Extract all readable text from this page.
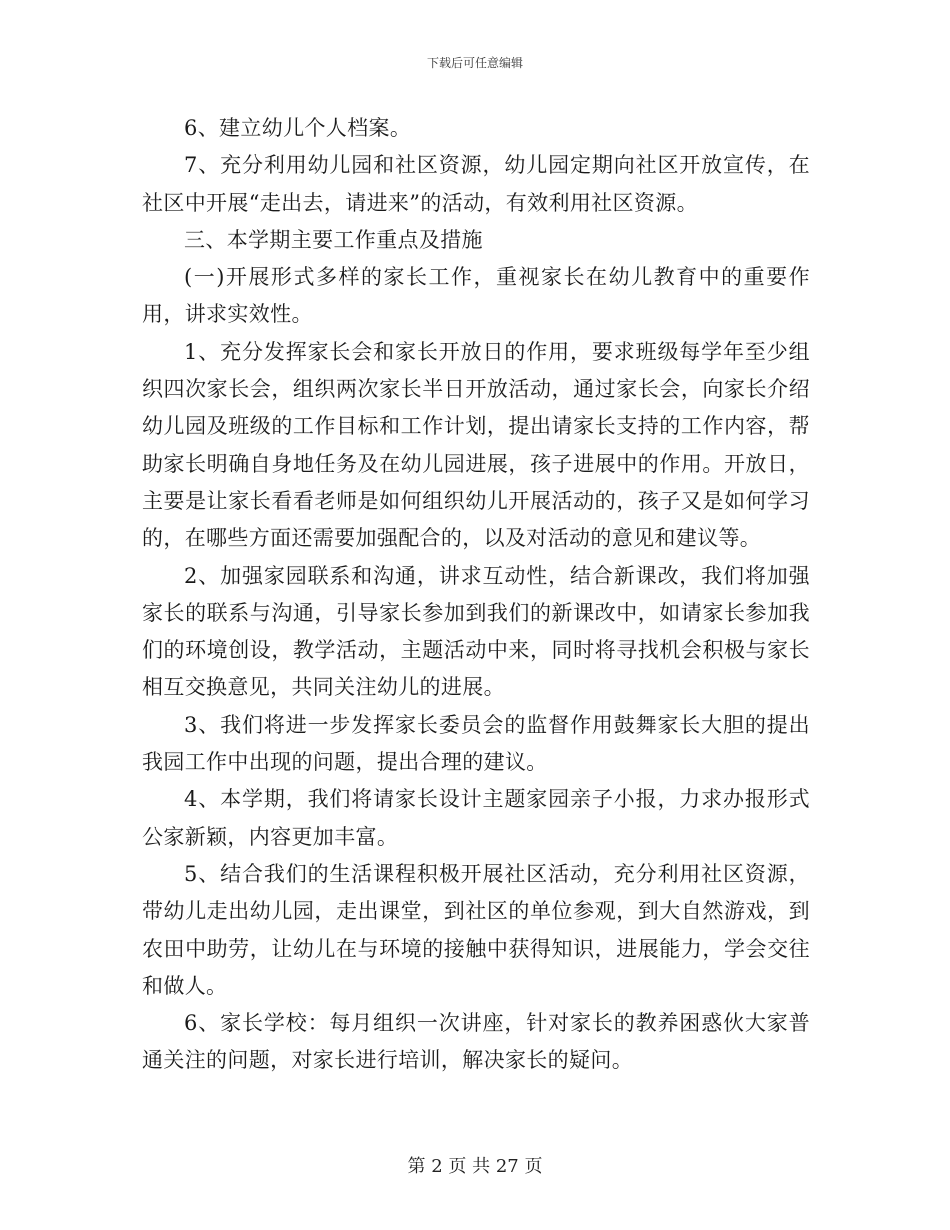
下载后可任意编辑

6、建立幼儿个人档案。

7、充分利用幼儿园和社区资源，幼儿园定期向社区开放宣传，在社区中开展“走出去，请进来”的活动，有效利用社区资源。

三、本学期主要工作重点及措施

(一)开展形式多样的家长工作，重视家长在幼儿教育中的重要作用，讲求实效性。

1、充分发挥家长会和家长开放日的作用，要求班级每学年至少组织四次家长会，组织两次家长半日开放活动，通过家长会，向家长介绍幼儿园及班级的工作目标和工作计划，提出请家长支持的工作内容，帮助家长明确自身地任务及在幼儿园进展，孩子进展中的作用。开放日，主要是让家长看看老师是如何组织幼儿开展活动的，孩子又是如何学习的，在哪些方面还需要加强配合的，以及对活动的意见和建议等。

2、加强家园联系和沟通，讲求互动性，结合新课改，我们将加强家长的联系与沟通，引导家长参加到我们的新课改中，如请家长参加我们的环境创设，教学活动，主题活动中来，同时将寻找机会积极与家长相互交换意见，共同关注幼儿的进展。

3、我们将进一步发挥家长委员会的监督作用鼓舞家长大胆的提出我园工作中出现的问题，提出合理的建议。

4、本学期，我们将请家长设计主题家园亲子小报，力求办报形式公家新颖，内容更加丰富。

5、结合我们的生活课程积极开展社区活动，充分利用社区资源，带幼儿走出幼儿园，走出课堂，到社区的单位参观，到大自然游戏，到农田中助劳，让幼儿在与环境的接触中获得知识，进展能力，学会交往和做人。

6、家长学校：每月组织一次讲座，针对家长的教养困惑伙大家普通关注的问题，对家长进行培训，解决家长的疑问。

第 2 页 共 27 页
